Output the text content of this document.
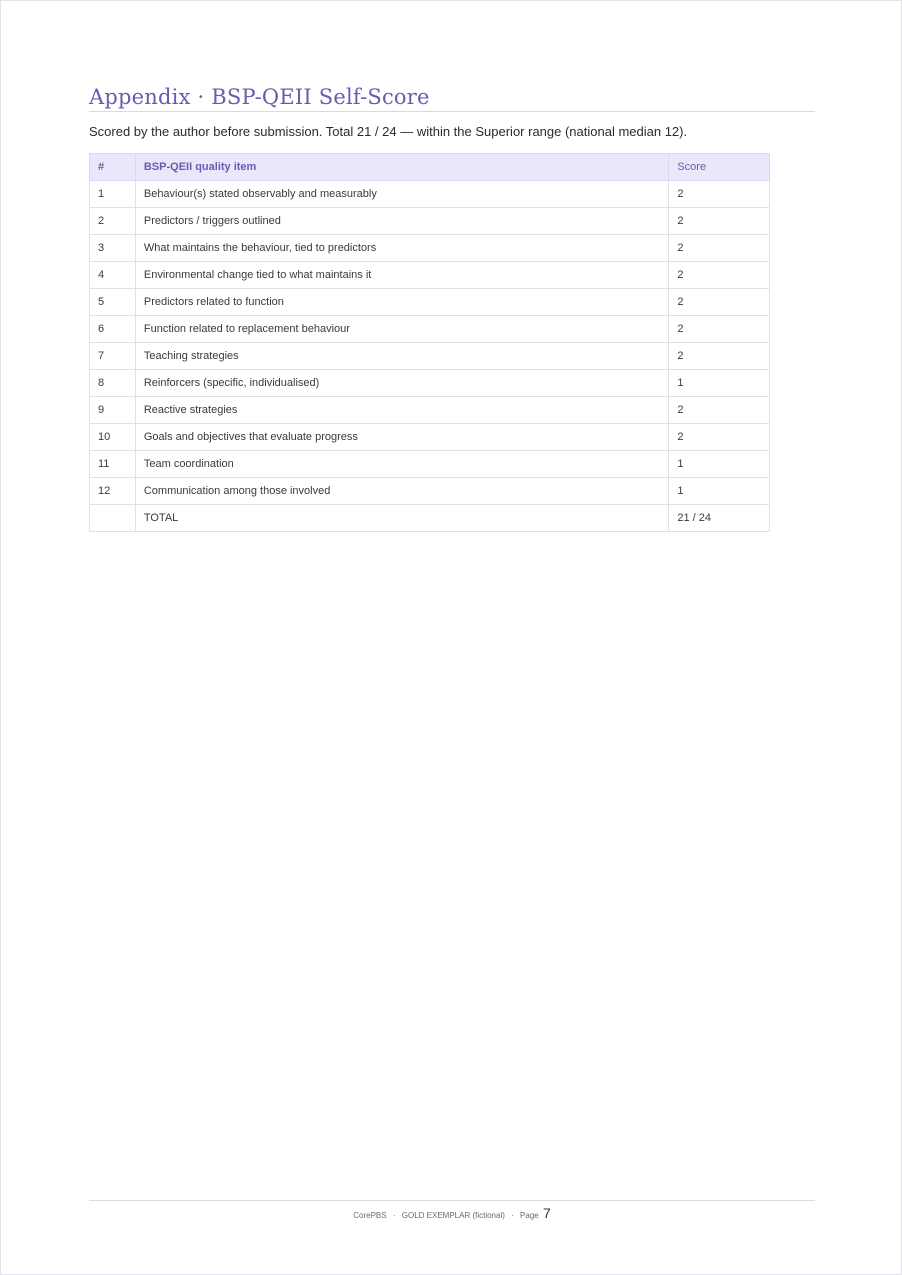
Appendix · BSP-QEII Self-Score

Scored by the author before submission. Total 21 / 24 — within the Superior range (national median 12).

#	BSP-QEII quality item	Score
1	Behaviour(s) stated observably and measurably	2
2	Predictors / triggers outlined	2
3	What maintains the behaviour, tied to predictors	2
4	Environmental change tied to what maintains it	2
5	Predictors related to function	2
6	Function related to replacement behaviour	2
7	Teaching strategies	2
8	Reinforcers (specific, individualised)	1
9	Reactive strategies	2
10	Goals and objectives that evaluate progress	2
11	Team coordination	1
12	Communication among those involved	1
	TOTAL	21 / 24
CorePBS · GOLD EXEMPLAR (fictional) · Page 7
